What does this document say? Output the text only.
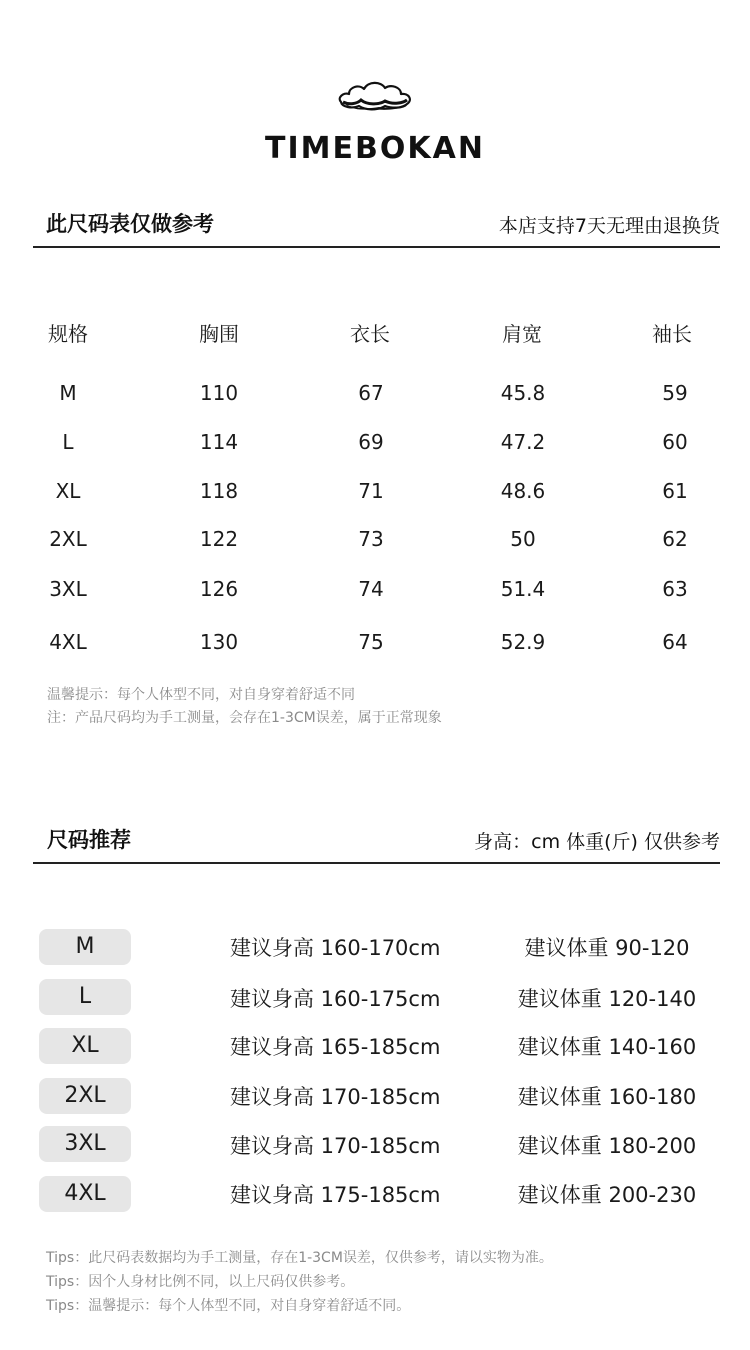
TIMEBOKAN
此尺码表仅做参考	本店支持7天无理由退换货
规格	胸围	衣长	肩宽	袖长
M	110	67	45.8	59
L	114	69	47.2	60
XL	118	71	48.6	61
2XL	122	73	50	62
3XL	126	74	51.4	63
4XL	130	75	52.9	64
温馨提示：每个人体型不同，对自身穿着舒适不同
注：产品尺码均为手工测量，会存在1-3CM误差，属于正常现象
尺码推荐	身高：cm 体重(斤) 仅供参考
M	建议身高 160-170cm	建议体重 90-120
L	建议身高 160-175cm	建议体重 120-140
XL	建议身高 165-185cm	建议体重 140-160
2XL	建议身高 170-185cm	建议体重 160-180
3XL	建议身高 170-185cm	建议体重 180-200
4XL	建议身高 175-185cm	建议体重 200-230
Tips：此尺码表数据均为手工测量，存在1-3CM误差，仅供参考，请以实物为准。
Tips：因个人身材比例不同，以上尺码仅供参考。
Tips：温馨提示：每个人体型不同，对自身穿着舒适不同。
